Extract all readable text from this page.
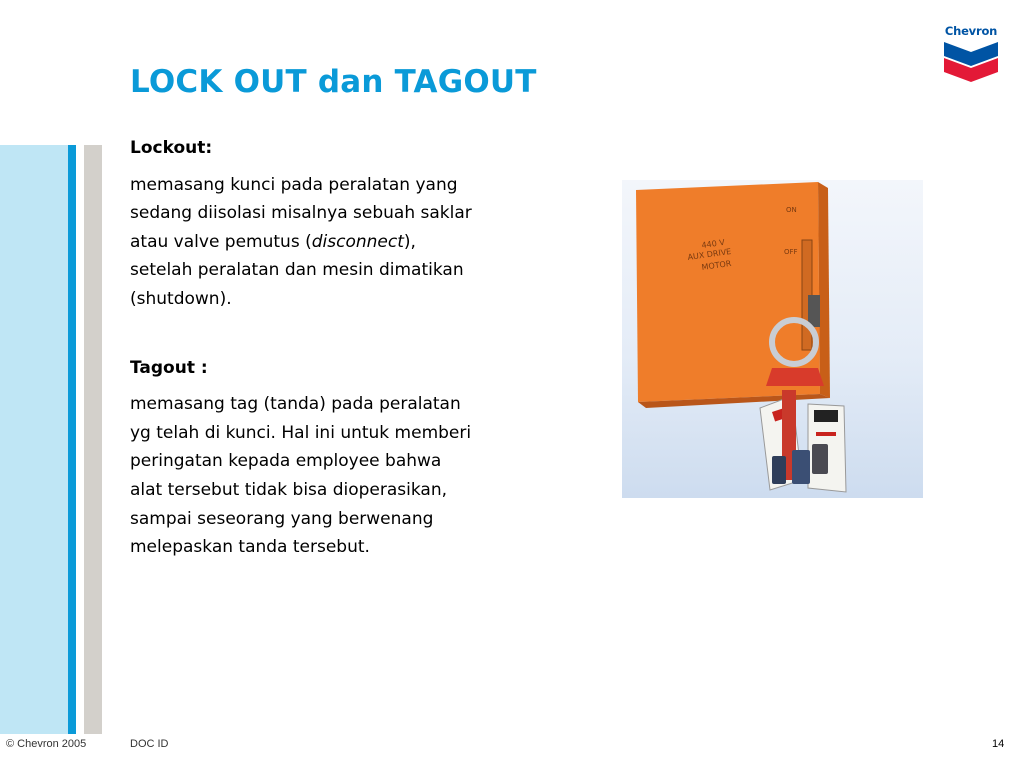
LOCK OUT dan TAGOUT
Chevron

Lockout:

memasang kunci pada peralatan yang
sedang diisolasi misalnya sebuah saklar
atau valve pemutus (disconnect),
setelah peralatan dan mesin dimatikan
(shutdown).

Tagout :

memasang tag (tanda) pada peralatan
yg telah di kunci. Hal ini untuk memberi
peringatan kepada employee bahwa
alat tersebut tidak bisa dioperasikan,
sampai seseorang yang berwenang
melepaskan tanda tersebut.

440 V
AUX DRIVE
MOTOR
ON
OFF
© Chevron 2005	DOC ID	14
